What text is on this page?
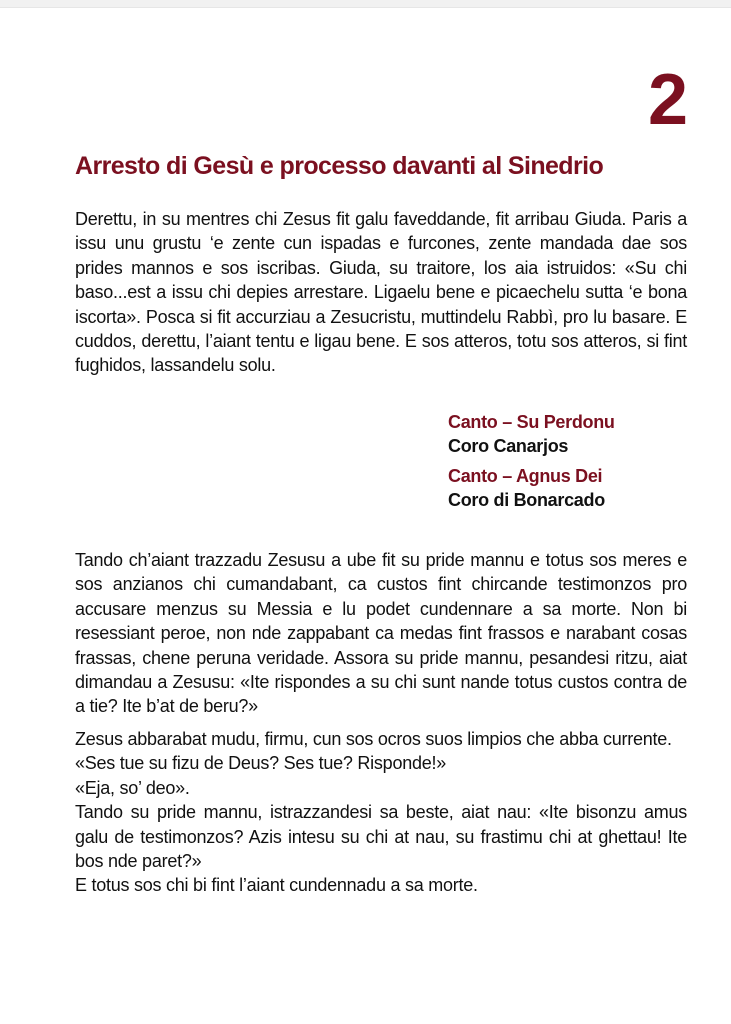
2
Arresto di Gesù e processo davanti al Sinedrio

Derettu, in su mentres chi Zesus fit galu faveddande, fit arribau Giuda. Paris a issu unu grustu ‘e zente cun ispadas e furcones, zente mandada dae sos prides mannos e sos iscribas. Giuda, su traitore, los aia istruidos: «Su chi baso...est a issu chi depies arrestare. Ligaelu bene e picaechelu sutta ‘e bona iscorta». Posca si fit accurziau a Zesucristu, muttindelu Rabbì, pro lu basare. E cuddos, derettu, l’aiant tentu e ligau bene. E sos atteros, totu sos atteros, si fint fughidos, lassandelu solu.

Canto – Su Perdonu
Coro Canarjos
Canto – Agnus Dei
Coro di Bonarcado

Tando ch’aiant trazzadu Zesusu a ube fit su pride mannu e totus sos meres e sos anzianos chi cumandabant, ca custos fint chircande testimonzos pro accusare menzus su Messia e lu podet cundennare a sa morte. Non bi resessiant peroe, non nde zappabant ca medas fint frassos e narabant cosas frassas, chene peruna veridade. Assora su pride mannu, pesandesi ritzu, aiat dimandau a Zesusu: «Ite rispondes a su chi sunt nande totus custos contra de a tie? Ite b’at de beru?»

Zesus abbarabat mudu, firmu, cun sos ocros suos limpios che abba currente.

«Ses tue su fizu de Deus? Ses tue? Risponde!»

«Eja, so’ deo».

Tando su pride mannu, istrazzandesi sa beste, aiat nau: «Ite bisonzu amus galu de testimonzos? Azis intesu su chi at nau, su frastimu chi at ghettau! Ite bos nde paret?»

E totus sos chi bi fint l’aiant cundennadu a sa morte.
